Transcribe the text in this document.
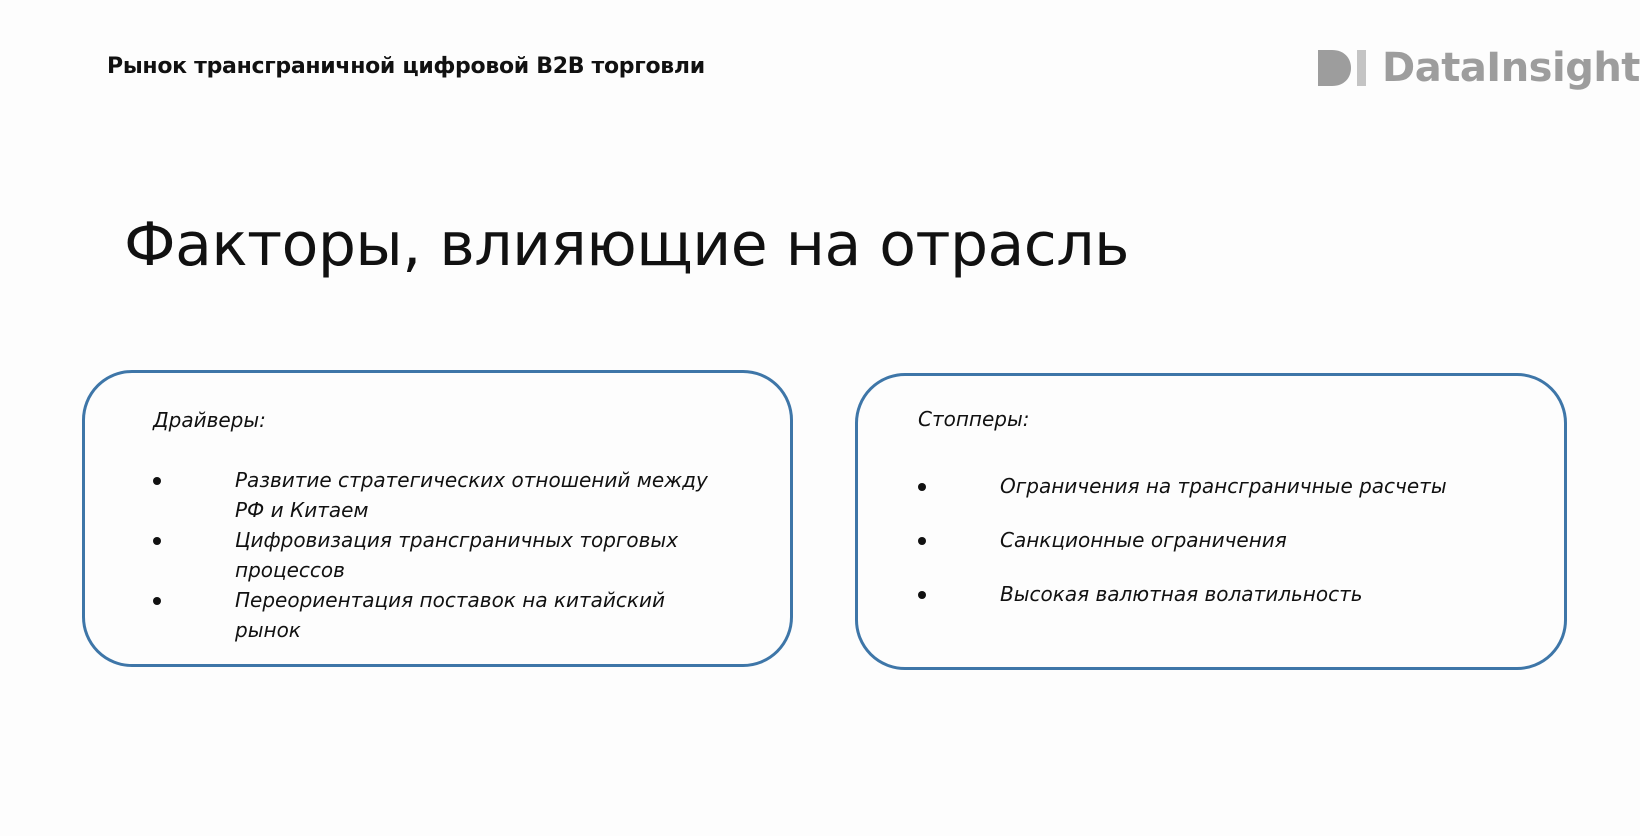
Рынок трансграничной цифровой B2B торговли	DataInsight
Факторы, влияющие на отрасль
Драйверы:
Развитие стратегических отношений между РФ и Китаем
Цифровизация трансграничных торговых процессов
Переориентация поставок на китайский рынок
Стопперы:
Ограничения на трансграничные расчеты
Санкционные ограничения
Высокая валютная волатильность
